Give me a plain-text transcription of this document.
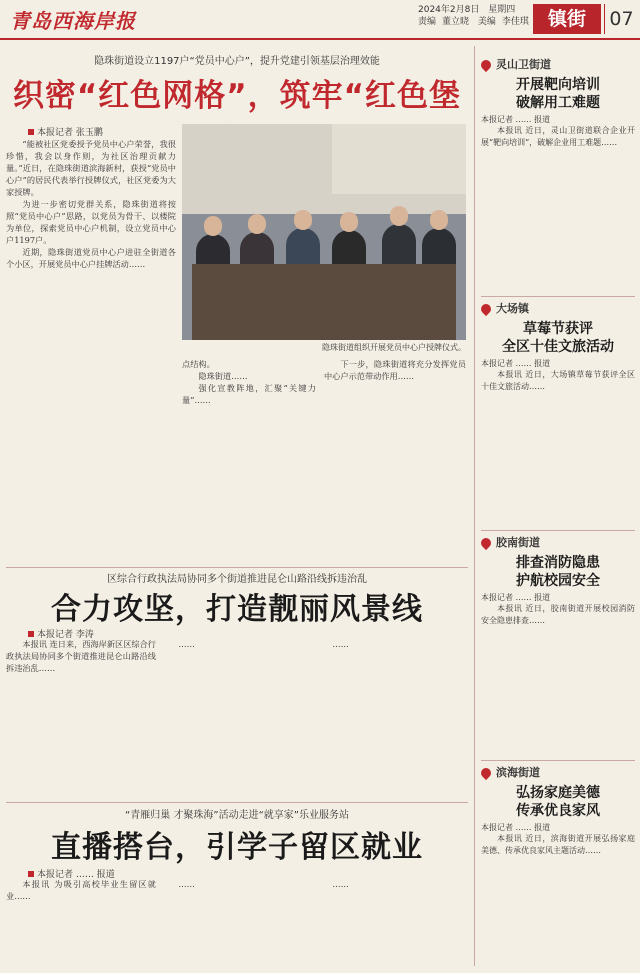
青岛西海岸报	2024年2月8日 星期四
责编 董立晓 美编 李佳琪	镇街	07
隐珠街道设立1197户“党员中心户”，提升党建引领基层治理效能
织密“红色网格”，筑牢“红色堡
本报记者 张玉鹏

“能被社区党委授予党员中心户荣誉，我很珍惜，我会以身作则，为社区治理贡献力量。”近日，在隐珠街道滨海新村，获授“党员中心户”的居民代表举行授牌仪式，社区党委为大家授牌。

为进一步密切党群关系，隐珠街道将按照“党员中心户”思路，以党员为骨干、以楼院为单位，探索党员中心户机制，设立党员中心户1197户。

近期，隐珠街道党员中心户进驻全街道各个小区，开展党员中心户挂牌活动……

隐珠街道组织开展党员中心户授牌仪式。

点结构。

隐珠街道……

强化宣教阵地，汇聚“关键力量”……

下一步，隐珠街道将充分发挥党员中心户示范带动作用……

区综合行政执法局协同多个街道推进昆仑山路沿线拆违治乱
合力攻坚，打造靓丽风景线
本报记者 李涛

本报讯 连日来，西海岸新区区综合行政执法局协同多个街道推进昆仑山路沿线拆违治乱……

……	……

“青雁归巢 才聚珠海”活动走进“就享家”乐业服务站
直播搭台，引学子留区就业
本报记者 …… 报道

本报讯 为吸引高校毕业生留区就业……

……	……

灵山卫街道
开展靶向培训
破解用工难题
本报记者 …… 报道
本报讯 近日，灵山卫街道联合企业开展“靶向培训”，破解企业用工难题……
大场镇
草莓节获评
全区十佳文旅活动
本报记者 …… 报道
本报讯 近日，大场镇草莓节获评全区十佳文旅活动……
胶南街道
排查消防隐患
护航校园安全
本报记者 …… 报道
本报讯 近日，胶南街道开展校园消防安全隐患排查……
滨海街道
弘扬家庭美德
传承优良家风
本报记者 …… 报道
本报讯 近日，滨海街道开展弘扬家庭美德、传承优良家风主题活动……
